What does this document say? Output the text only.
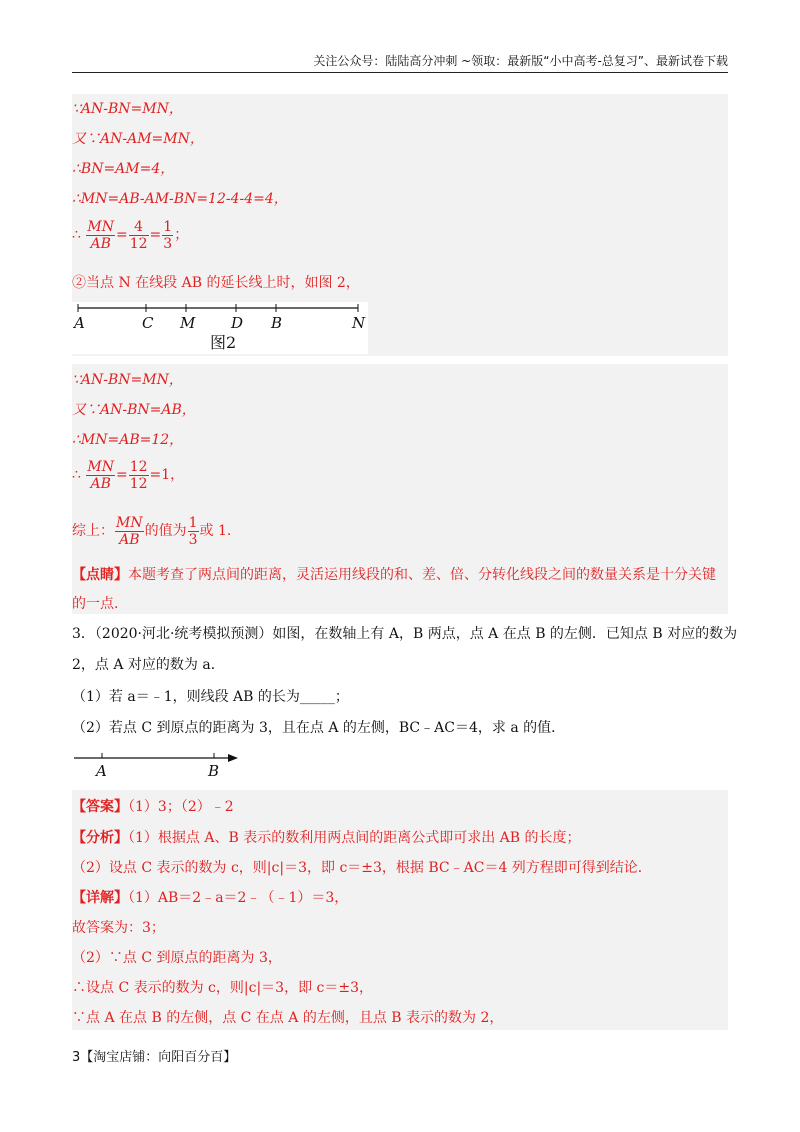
关注公众号：陆陆高分冲刺 ~领取：最新版“小中高考-总复习”、最新试卷下载
∵AN-BN=MN，
又∵AN-AM=MN，
∴BN=AM=4，
∴MN=AB-AM-BN=12-4-4=4，
∴ $\frac{MN}{AB} = \frac{4}{12} = \frac{1}{3}$ ；
②当点 N 在线段 AB 的延长线上时，如图 2，
A	C M D B	N
图2
∵AN-BN=MN，
又∵AN-BN=AB，
∴MN=AB=12，
∴ $\frac{MN}{AB} = \frac{12}{12} =1$，
综上： $\frac{MN}{AB}$ 的值为 $\frac{1}{3}$ 或 1.
【点睛】本题考查了两点间的距离，灵活运用线段的和、差、倍、分转化线段之间的数量关系是十分关键
的一点.
3．（2020·河北·统考模拟预测）如图，在数轴上有 A，B 两点，点 A 在点 B 的左侧．已知点 B 对应的数为
2，点 A 对应的数为 a．
（1）若 a＝﹣1，则线段 AB 的长为_____；
（2）若点 C 到原点的距离为 3，且在点 A 的左侧，BC﹣AC＝4，求 a 的值．
A	B
【答案】（1）3；（2）﹣2
【分析】（1）根据点 A、B 表示的数利用两点间的距离公式即可求出 AB 的长度；
（2）设点 C 表示的数为 c，则|c|＝3，即 c＝±3，根据 BC﹣AC＝4 列方程即可得到结论．
【详解】（1）AB＝2﹣a＝2﹣（﹣1）＝3，
故答案为：3；
（2）∵点 C 到原点的距离为 3，
∴设点 C 表示的数为 c，则|c|＝3，即 c＝±3，
∵点 A 在点 B 的左侧，点 C 在点 A 的左侧，且点 B 表示的数为 2，
3【淘宝店铺：向阳百分百】
